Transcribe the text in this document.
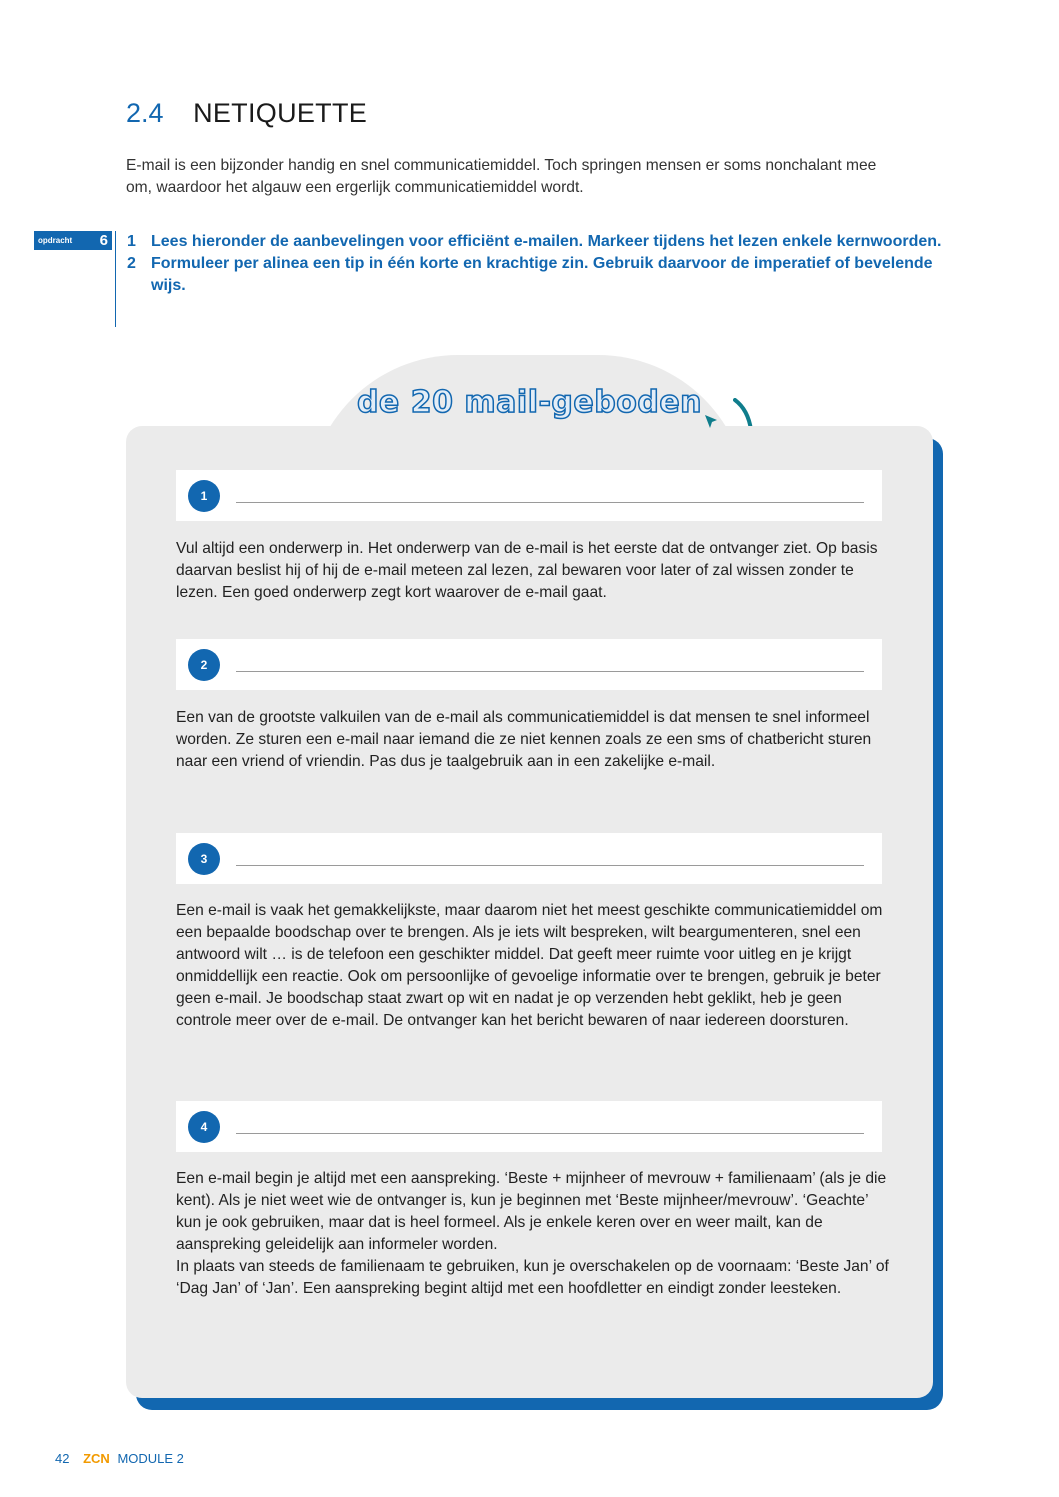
2.4 NETIQUETTE
E-mail is een bijzonder handig en snel communicatiemiddel. Toch springen mensen er soms nonchalant mee om, waardoor het algauw een ergerlijk communicatiemiddel wordt.
opdracht 6 1 Lees hieronder de aanbevelingen voor efficiënt e-mailen. Markeer tijdens het lezen enkele kernwoorden.
2 Formuleer per alinea een tip in één korte en krachtige zin. Gebruik daarvoor de imperatief of bevelende wijs.
de 20 mail-geboden
1

Vul altijd een onderwerp in. Het onderwerp van de e-mail is het eerste dat de ontvanger ziet. Op basis daarvan beslist hij of hij de e-mail meteen zal lezen, zal bewaren voor later of zal wissen zonder te lezen. Een goed onderwerp zegt kort waarover de e-mail gaat.

2

Een van de grootste valkuilen van de e-mail als communicatiemiddel is dat mensen te snel informeel worden. Ze sturen een e-mail naar iemand die ze niet kennen zoals ze een sms of chatbericht sturen naar een vriend of vriendin. Pas dus je taalgebruik aan in een zakelijke e-mail.

3

Een e-mail is vaak het gemakkelijkste, maar daarom niet het meest geschikte communicatiemiddel om een bepaalde boodschap over te brengen. Als je iets wilt bespreken, wilt beargumenteren, snel een antwoord wilt … is de telefoon een geschikter middel. Dat geeft meer ruimte voor uitleg en je krijgt onmiddellijk een reactie. Ook om persoonlijke of gevoelige informatie over te brengen, gebruik je beter geen e-mail. Je boodschap staat zwart op wit en nadat je op verzenden hebt geklikt, heb je geen controle meer over de e-mail. De ontvanger kan het bericht bewaren of naar iedereen doorsturen.

4

Een e-mail begin je altijd met een aanspreking. ‘Beste + mijnheer of mevrouw + familienaam’ (als je die kent). Als je niet weet wie de ontvanger is, kun je beginnen met ‘Beste mijnheer/mevrouw’. ‘Geachte’ kun je ook gebruiken, maar dat is heel formeel. Als je enkele keren over en weer mailt, kan de aanspreking geleidelijk aan informeler worden.

In plaats van steeds de familienaam te gebruiken, kun je overschakelen op de voornaam: ‘Beste Jan’ of ‘Dag Jan’ of ‘Jan’. Een aanspreking begint altijd met een hoofdletter en eindigt zonder leesteken.

42 ZCN MODULE 2
